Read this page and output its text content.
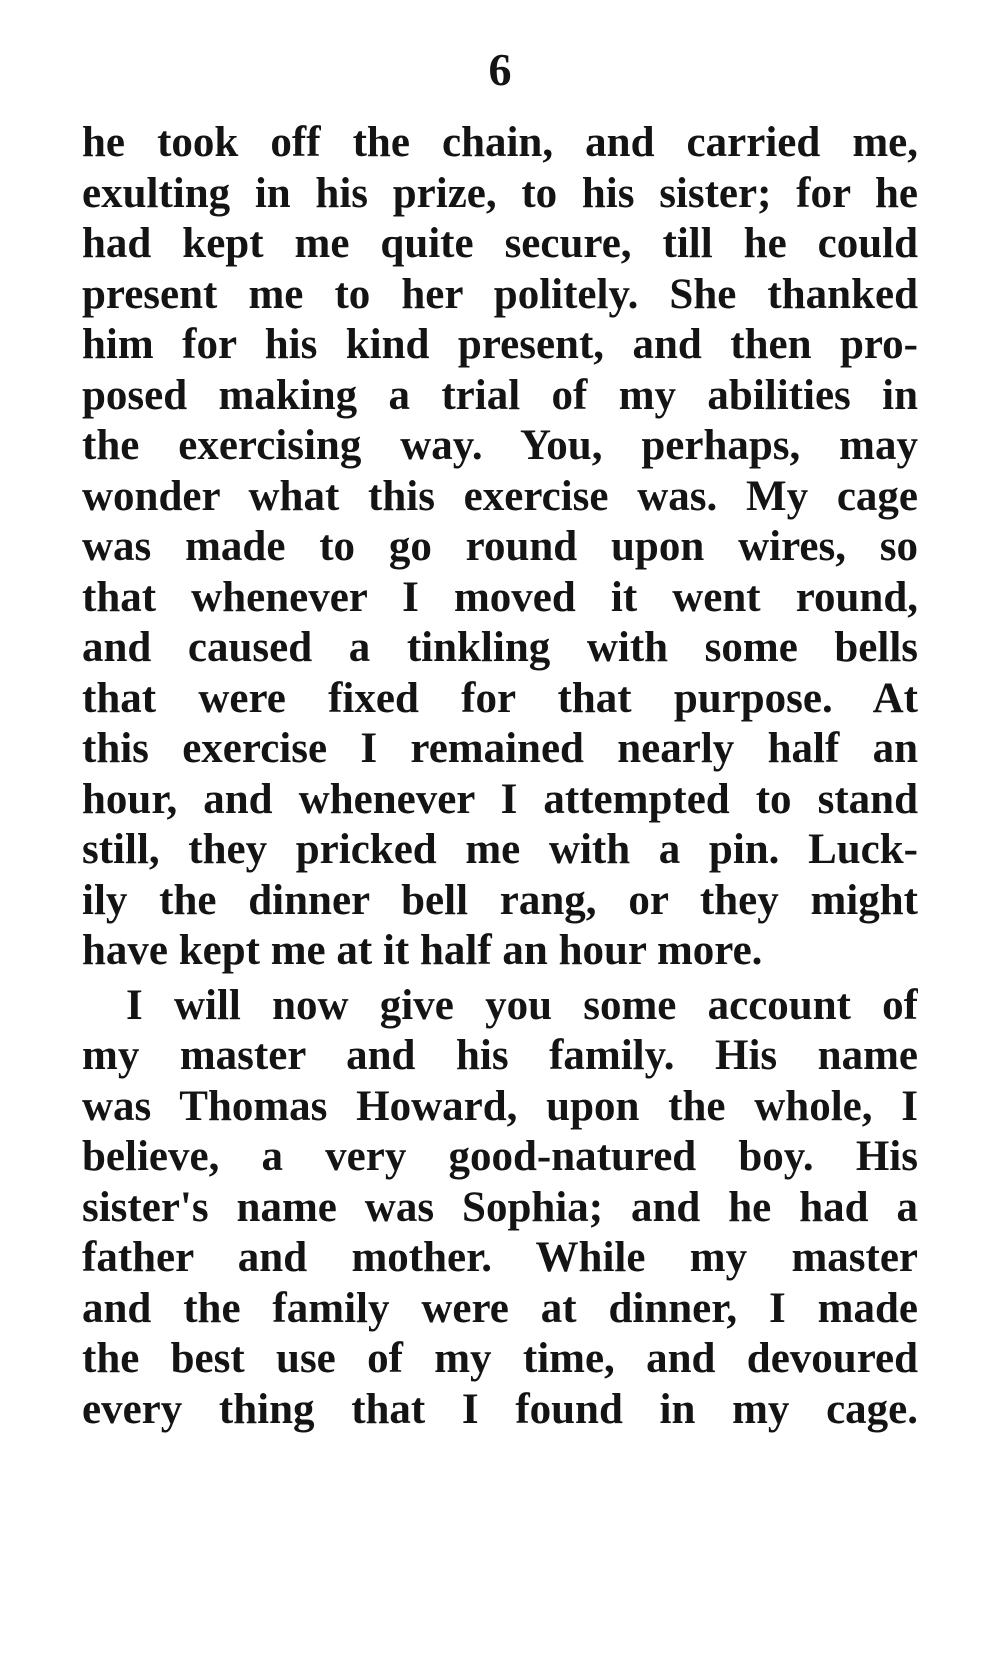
6
he took off the chain, and carried me,
exulting in his prize, to his sister; for he
had kept me quite secure, till he could
present me to her politely. She thanked
him for his kind present, and then pro-
posed making a trial of my abilities in
the exercising way. You, perhaps, may
wonder what this exercise was. My cage
was made to go round upon wires, so
that whenever I moved it went round,
and caused a tinkling with some bells
that were fixed for that purpose. At
this exercise I remained nearly half an
hour, and whenever I attempted to stand
still, they pricked me with a pin. Luck-
ily the dinner bell rang, or they might
have kept me at it half an hour more.
I will now give you some account of
my master and his family. His name
was Thomas Howard, upon the whole, I
believe, a very good-natured boy. His
sister's name was Sophia; and he had a
father and mother. While my master
and the family were at dinner, I made
the best use of my time, and devoured
every thing that I found in my cage.
